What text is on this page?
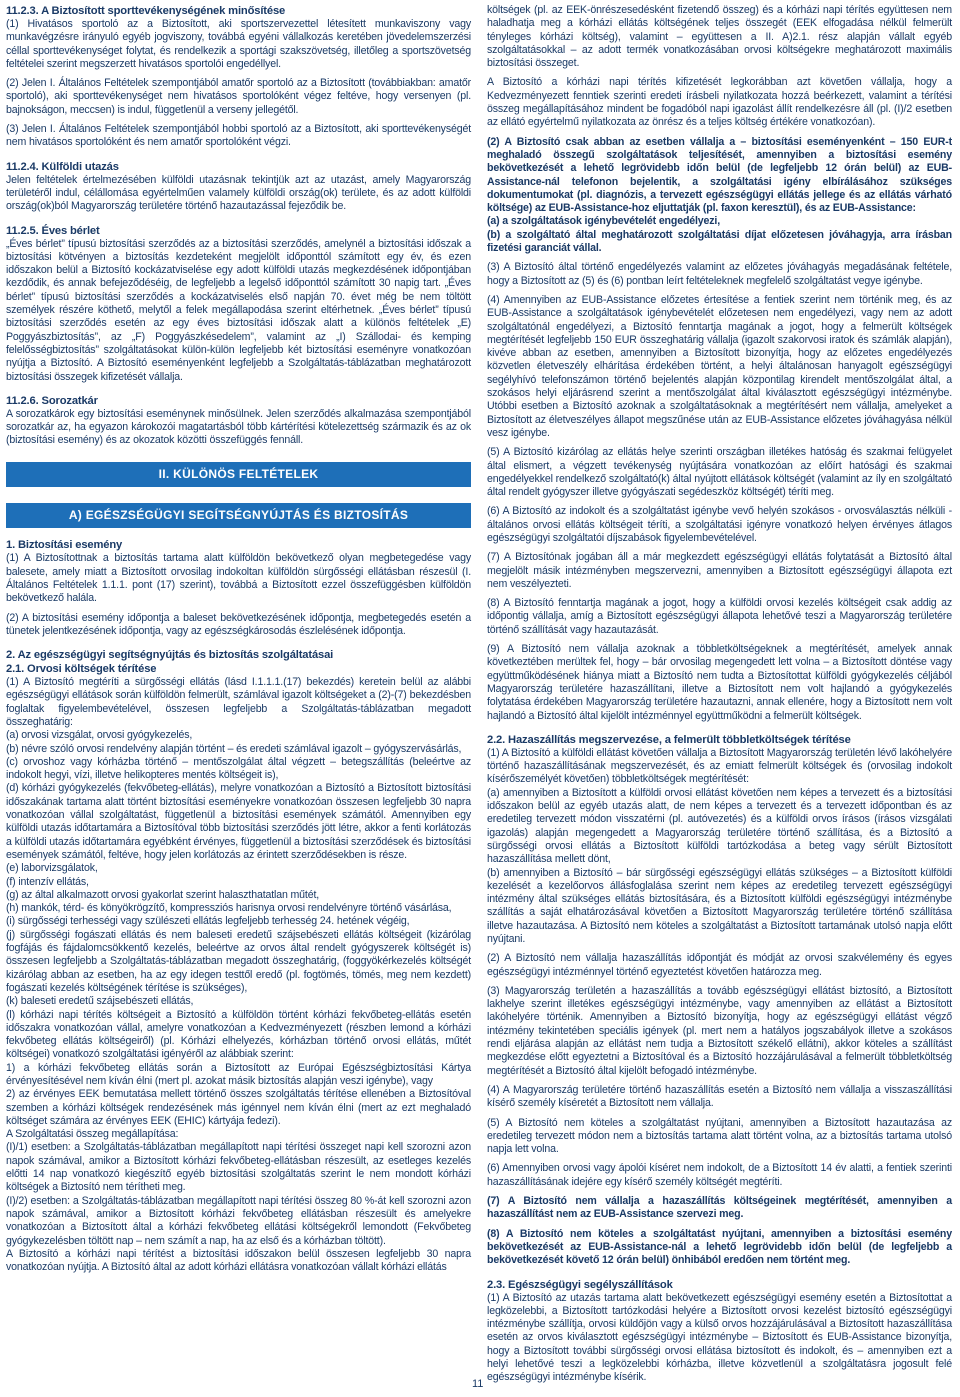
11.2.3. A Biztosított sporttevékenységének minősítése

(1) Hivatásos sportoló az a Biztosított, aki sportszervezettel létesített munkaviszony vagy munkavégzésre irányuló egyéb jogviszony, továbbá egyéni vállalkozás keretében jövedelemszerzési céllal sporttevékenységet folytat, és rendelkezik a sportági szakszövetség, illetőleg a sportszövetség feltételei szerint megszerzett hivatásos sportolói engedéllyel.

(2) Jelen I. Általános Feltételek szempontjából amatőr sportoló az a Biztosított (továbbiakban: amatőr sportoló), aki sporttevékenységet nem hivatásos sportolóként végez feltéve, hogy versenyen (pl. bajnokságon, meccsen) is indul, függetlenül a verseny jellegétől.

(3) Jelen I. Általános Feltételek szempontjából hobbi sportoló az a Biztosított, aki sporttevékenységét nem hivatásos sportolóként és nem amatőr sportolóként végzi.

11.2.4. Külföldi utazás

Jelen feltételek értelmezésében külföldi utazásnak tekintjük azt az utazást, amely Magyarország területéről indul, célállomása egyértelműen valamely külföldi ország(ok) területe, és az adott külföldi ország(ok)ból Magyarország területére történő hazautazással fejeződik be.

11.2.5. Éves bérlet

„Éves bérlet” típusú biztosítási szerződés az a biztosítási szerződés, amelynél a biztosítási időszak a biztosítási kötvényen a biztosítás kezdeteként megjelölt időponttól számított egy év, és ezen időszakon belül a Biztosító kockázatviselése egy adott külföldi utazás megkezdésének időpontjában kezdődik, és annak befejeződéséig, de legfeljebb a legelső időponttól számított 30 napig tart. „Éves bérlet” típusú biztosítási szerződés a kockázatviselés első napján 70. évet még be nem töltött személyek részére köthető, melytől a felek megállapodása szerint eltérhetnek. „Éves bérlet” típusú biztosítási szerződés esetén az egy éves biztosítási időszak alatt a különös feltételek „E) Poggyászbiztosítás”, az „F) Poggyászkésedelem”, valamint az „I) Szállodai- és kemping felelősségbiztosítás” szolgáltatásokat külön-külön legfeljebb két biztosítási eseményre vonatkozóan nyújtja a Biztosító. A Biztosító eseményenként legfeljebb a Szolgáltatás-táblázatban meghatározott biztosítási összegek kifizetését vállalja.

11.2.6. Sorozatkár

A sorozatkárok egy biztosítási eseménynek minősülnek. Jelen szerződés alkalmazása szempontjából sorozatkár az, ha egyazon károkozói magatartásból több kártérítési kötelezettség származik és az ok (biztosítási esemény) és az okozatok közötti összefüggés fennáll.

II. KÜLÖNÖS FELTÉTELEK
A) EGÉSZSÉGÜGYI SEGÍTSÉGNYÚJTÁS ÉS BIZTOSÍTÁS
1. Biztosítási esemény

(1) A Biztosítottnak a biztosítás tartama alatt külföldön bekövetkező olyan megbetegedése vagy balesete, amely miatt a Biztosított orvosilag indokoltan külföldön sürgősségi ellátásban részesül (I. Általános Feltételek 1.1.1. pont (17) szerint), továbbá a Biztosított ezzel összefüggésben külföldön bekövetkező halála.

(2) A biztosítási esemény időpontja a baleset bekövetkezésének időpontja, megbetegedés esetén a tünetek jelentkezésének időpontja, vagy az egészségkárosodás észlelésének időpontja.

2. Az egészségügyi segítségnyújtás és biztosítás szolgáltatásai
2.1. Orvosi költségek térítése

(1) A Biztosító megtéríti a sürgősségi ellátás (lásd I.1.1.1.(17) bekezdés) keretein belül az alábbi egészségügyi ellátások során külföldön felmerült, számlával igazolt költségeket a (2)-(7) bekezdésben foglaltak figyelembevételével, összesen legfeljebb a Szolgáltatás-táblázatban megadott összeghatárig:

(a) orvosi vizsgálat, orvosi gyógykezelés,
(b) névre szóló orvosi rendelvény alapján történt – és eredeti számlával igazolt – gyógyszervásárlás,
(c) orvoshoz vagy kórházba történő – mentőszolgálat által végzett – betegszállítás (beleértve az indokolt hegyi, vízi, illetve helikopteres mentés költségeit is),
(d) kórházi gyógykezelés (fekvőbeteg-ellátás), melyre vonatkozóan a Biztosító a Biztosított biztosítási időszakának tartama alatt történt biztosítási eseményekre vonatkozóan összesen legfeljebb 30 napra vonatkozóan vállal szolgáltatást, függetlenül a biztosítási események számától. Amennyiben egy külföldi utazás időtartamára a Biztosítóval több biztosítási szerződés jött létre, akkor a fenti korlátozás a külföldi utazás időtartamára egyébként érvényes, függetlenül a biztosítási szerződések és biztosítási események számától, feltéve, hogy jelen korlátozás az érintett szerződésekben is része.
(e) laborvizsgálatok,
(f) intenzív ellátás,
(g) az által alkalmazott orvosi gyakorlat szerint halaszthatatlan műtét,
(h) mankók, térd- és könyökrögzítő, kompressziós harisnya orvosi rendelvényre történő vásárlása,
(i) sürgősségi terhességi vagy szülészeti ellátás legfeljebb terhesség 24. hetének végéig,
(j) sürgősségi fogászati ellátás és nem baleseti eredetű szájsebészeti ellátás költségeit (kizárólag fogfájás és fájdalomcsökkentő kezelés, beleértve az orvos által rendelt gyógyszerek költségét is) összesen legfeljebb a Szolgáltatás-táblázatban megadott összeghatárig, (foggyökérkezelés költségét kizárólag abban az esetben, ha az egy idegen testtől eredő (pl. fogtömés, tömés, meg nem kezdett) fogászati kezelés költségének térítése is szükséges),
(k) baleseti eredetű szájsebészeti ellátás,
(l) kórházi napi térítés költségeit a Biztosító a külföldön történt kórházi fekvőbeteg-ellátás esetén időszakra vonatkozóan vállal, amelyre vonatkozóan a Kedvezményezett (részben lemond a kórházi fekvőbeteg ellátás költségeiről) (pl. Kórházi elhelyezés, kórházban történő orvosi ellátás, műtét költségei) vonatkozó szolgáltatási igényéről az alábbiak szerint:
1) a kórházi fekvőbeteg ellátás során a Biztosított az Európai Egészségbiztosítási Kártya érvényesítésével nem kíván élni (mert pl. azokat másik biztosítás alapján veszi igénybe), vagy
2) az érvényes EEK bemutatása mellett történő összes szolgáltatás térítése ellenében a Biztosítóval szemben a kórházi költségek rendezésének más igénnyel nem kíván élni (mert az ezt meghaladó költséget számára az érvényes EEK (EHIC) kártyája fedezi).
A Szolgáltatási összeg megállapítása:
(I)/1) esetben: a Szolgáltatás-táblázatban megállapított napi térítési összeget napi kell szorozni azon napok számával, amikor a Biztosított kórházi fekvőbeteg-ellátásban részesült, az esetleges kezelés előtti 14 nap vonatkozó kiegészítő egyéb biztosítási szolgáltatás szerint le nem mondott kórházi költségek a Biztosító nem térítheti meg.
(I)/2) esetben: a Szolgáltatás-táblázatban megállapított napi térítési összeg 80 %-át kell szorozni azon napok számával, amikor a Biztosított kórházi fekvőbeteg ellátásban részesült és amelyekre vonatkozóan a Biztosított által a kórházi fekvőbeteg ellátási költségekről lemondott (Fekvőbeteg gyógykezelésben töltött nap – nem számít a nap, ha az első és a kórházban töltött).
A Biztosító a kórházi napi térítést a biztosítási időszakon belül összesen legfeljebb 30 napra vonatkozóan nyújtja. A Biztosító által az adott kórházi ellátásra vonatkozóan vállalt kórházi ellátás

költségek (pl. az EEK-önrészesedésként fizetendő összeg) és a kórházi napi térítés együttesen nem haladhatja meg a kórházi ellátás költségének teljes összegét (EEK elfogadása nélkül felmerült tényleges kórházi költség), valamint – együttesen a II. A)2.1. rész alapján vállalt egyéb szolgáltatásokkal – az adott termék vonatkozásában orvosi költségekre meghatározott maximális biztosítási összeget.

A Biztosító a kórházi napi térítés kifizetését legkorábban azt követően vállalja, hogy a Kedvezményezett fenntiek szerinti eredeti írásbeli nyilatkozata hozzá beérkezett, valamint a térítési összeg megállapításához mindent be fogadóból napi igazolást állít rendelkezésre áll (pl. (I)/2 esetben az ellátó egyértelmű nyilatkozata az önrész és a teljes költség értékére vonatkozóan).

(2) A Biztosító csak abban az esetben vállalja a – biztosítási eseményenként – 150 EUR-t meghaladó összegű szolgáltatások teljesítését, amennyiben a biztosítási esemény bekövetkezését a lehető legrövidebb időn belül (de legfeljebb 12 órán belül) az EUB-Assistance-nál telefonon bejelentik, a szolgáltatási igény elbírálásához szükséges dokumentumokat (pl. diagnózis, a tervezett egészségügyi ellátás jellege és az ellátás várható költsége) az EUB-Assistance-hoz eljuttatják (pl. faxon keresztül), és az EUB-Assistance:

(a) a szolgáltatások igénybevételét engedélyezi,

(b) a szolgáltató által meghatározott szolgáltatási díjat előzetesen jóváhagyja, arra írásban fizetési garanciát vállal.

(3) A Biztosító által történő engedélyezés valamint az előzetes jóváhagyás megadásának feltétele, hogy a Biztosított az (5) és (6) pontban leírt feltételeknek megfelelő szolgáltatást vegye igénybe.

(4) Amennyiben az EUB-Assistance előzetes értesítése a fentiek szerint nem történik meg, és az EUB-Assistance a szolgáltatások igénybevételét előzetesen nem engedélyezi, vagy nem az adott szolgáltatónál engedélyezi, a Biztosító fenntartja magának a jogot, hogy a felmerült költségek megtérítését legfeljebb 150 EUR összeghatárig vállalja (igazolt szakorvosi iratok és számlák alapján), kivéve abban az esetben, amennyiben a Biztosított bizonyítja, hogy az előzetes engedélyezés közvetlen életveszély elhárítása érdekében történt, a helyi általánosan hanyagolt egészségügyi segélyhívó telefonszámon történő bejelentés alapján központilag kirendelt mentőszolgálat által, a szokásos helyi eljárásrend szerint a mentőszolgálat által kiválasztott egészségügyi intézménybe. Utóbbi esetben a Biztosító azoknak a szolgáltatásoknak a megtérítésért nem vállalja, amelyeket a Biztosított az életveszélyes állapot megszűnése után az EUB-Assistance előzetes jóváhagyása nélkül vesz igénybe.

(5) A Biztosító kizárólag az ellátás helye szerinti országban illetékes hatóság és szakmai felügyelet által elismert, a végzett tevékenység nyújtására vonatkozóan az előírt hatósági és szakmai engedélyekkel rendelkező szolgáltató(k) által nyújtott ellátások költségét (valamint az íly en szolgáltató által rendelt gyógyszer illetve gyógyászati segédeszköz költségét) téríti meg.

(6) A Biztosító az indokolt és a szolgáltatást igénybe vevő helyén szokásos - orvosválasztás nélküli - általános orvosi ellátás költségeit téríti, a szolgáltatási igényre vonatkozó helyen érvényes átlagos egészségügyi szolgáltatói díjszabások figyelembevételével.

(7) A Biztosítónak jogában áll a már megkezdett egészségügyi ellátás folytatását a Biztosító által megjelölt másik intézményben megszervezni, amennyiben a Biztosított egészségügyi állapota ezt nem veszélyezteti.

(8) A Biztosító fenntartja magának a jogot, hogy a külföldi orvosi kezelés költségeit csak addig az időpontig vállalja, amíg a Biztosított egészségügyi állapota lehetővé teszi a Magyarország területére történő szállítását vagy hazautazását.

(9) A Biztosító nem vállalja azoknak a többletköltségeknek a megtérítését, amelyek annak következtében merültek fel, hogy – bár orvosilag megengedett lett volna – a Biztosított döntése vagy együttműködésének hiánya miatt a Biztosító nem tudta a Biztosítottat külföldi gyógykezelés céljából Magyarország területére hazaszállítani, illetve a Biztosított nem volt hajlandó a gyógykezelés folytatása érdekében Magyarország területére hazautazni, annak ellenére, hogy a Biztosított nem volt hajlandó a Biztosító által kijelölt intézménnyel együttműködni a felmerült költségek.

2.2. Hazaszállítás megszervezése, a felmerült többletköltségek térítése

(1) A Biztosító a külföldi ellátást követően vállalja a Biztosított Magyarország területén lévő lakóhelyére történő hazaszállításának megszervezését, és az emiatt felmerült költségek és (orvosilag indokolt kísérőszemélyét követően) többletköltségek megtérítését:

(a) amennyiben a Biztosított a külföldi orvosi ellátást követően nem képes a tervezett és a biztosítási időszakon belül az egyéb utazás alatt, de nem képes a tervezett és a tervezett időpontban és az eredetileg tervezett módon visszatérni (pl. autóvezetés) és a külföldi orvos írásos (írásos vizsgálati igazolás) alapján megengedett a Magyarország területére történő szállítása, és a Biztosító a sürgősségi orvosi ellátás a Biztosított külföldi tartózkodása a beteg vagy sérült Biztosított hazaszállítása mellett dönt,

(b) amennyiben a Biztosító – bár sürgősségi egészségügyi ellátás szükséges – a Biztosított külföldi kezelését a kezelőorvos állásfoglalása szerint nem képes az eredetileg tervezett egészségügyi intézmény által szükséges ellátás biztosítására, és a Biztosított külföldi egészségügyi intézménybe szállítás a saját elhatározásával követően a Biztosított Magyarország területére történő szállítása illetve hazautazása. A Biztosító nem köteles a szolgáltatást a Biztosított tartamának utolsó napja előtt nyújtani.

(2) A Biztosító nem vállalja hazaszállítás időpontját és módját az orvosi szakvélemény és egyes egészségügyi intézménnyel történő egyeztetést követően határozza meg.

(3) Magyarország területén a hazaszállítás a tovább egészségügyi ellátást biztosító, a Biztosított lakhelye szerint illetékes egészségügyi intézménybe, vagy amennyiben az ellátást a Biztosított lakóhelyére történik. Amennyiben a Biztosító bizonyítja, hogy az egészségügyi ellátást végző intézmény tekintetében speciális igények (pl. mert nem a hatályos jogszabályok illetve a szokásos rendi eljárása alapján az ellátást nem tudja a Biztosított székelő ellátni), akkor köteles a szállítást megkezdése előtt egyeztetni a Biztosítóval és a Biztosító hozzájárulásával a felmerült többletköltség megtérítését a Biztosító által kijelölt befogadó intézménybe.

(4) A Magyarország területére történő hazaszállítás esetén a Biztosító nem vállalja a visszaszállítási kísérő személy kíséretét a Biztosított nem vállalja.

(5) A Biztosító nem köteles a szolgáltatást nyújtani, amennyiben a Biztosított hazautazása az eredetileg tervezett módon nem a biztosítás tartama alatt történt volna, az a biztosítás tartama utolsó napja lett volna.

(6) Amennyiben orvosi vagy ápolói kíséret nem indokolt, de a Biztosított 14 év alatti, a fentiek szerinti hazaszállításának idejére egy kísérő személy költségét megtéríti.

(7) A Biztosító nem vállalja a hazaszállítás költségeinek megtérítését, amennyiben a hazaszállítást nem az EUB-Assistance szervezi meg.

(8) A Biztosító nem köteles a szolgáltatást nyújtani, amennyiben a biztosítási esemény bekövetkezését az EUB-Assistance-nál a lehető legrövidebb időn belül (de legfeljebb a bekövetkezését követő 12 órán belül) önhibából eredően nem történt meg.

2.3. Egészségügyi segélyszállítások

(1) A Biztosító az utazás tartama alatt bekövetkezett egészségügyi esemény esetén a Biztosítottat a legközelebbi, a Biztosított tartózkodási helyére a Biztosított orvosi kezelést biztosító egészségügyi intézménybe szállítja, orvosi küldőjön vagy a külső orvos hozzájárulásával a Biztosított hazaszállítása esetén az orvos kiválasztott egészségügyi intézménybe – Biztosított és EUB-Assistance bizonyítja, hogy a Biztosított további sürgősségi orvosi ellátása biztosított és indokolt, és – amennyiben ezt a helyi lehetővé teszi a legközelebbi kórházba, illetve közvetlenül a szolgáltatásra jogosult felé egészségügyi intézménybe kísérik.

11
